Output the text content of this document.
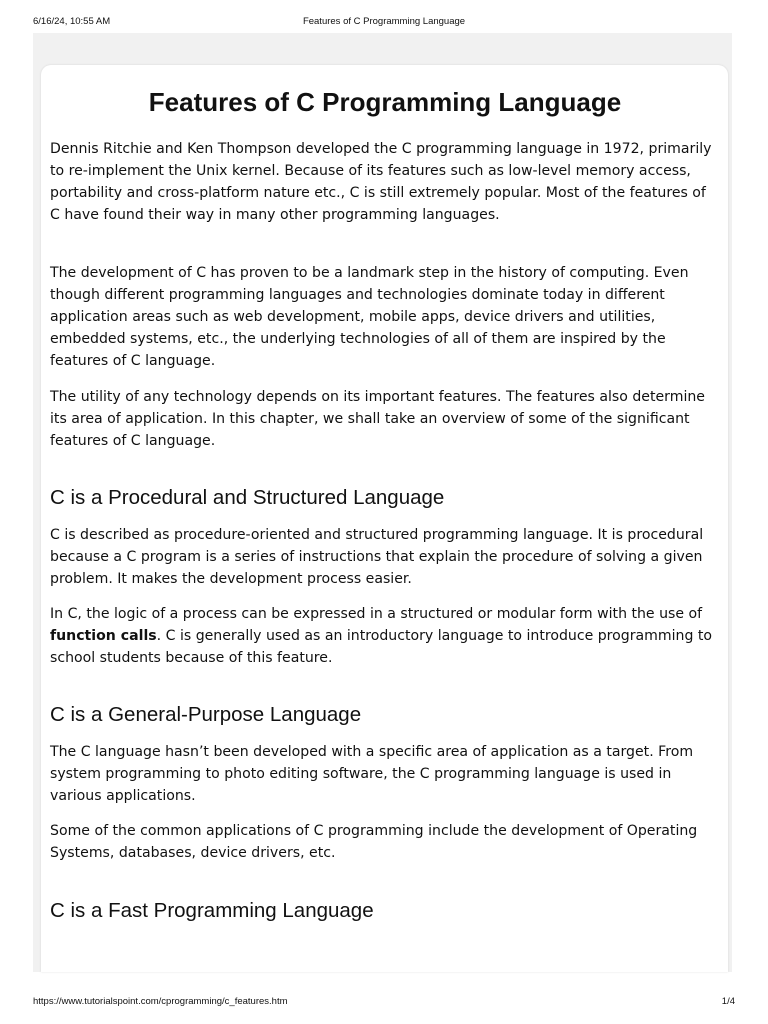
6/16/24, 10:55 AM	Features of C Programming Language
Features of C Programming Language

Dennis Ritchie and Ken Thompson developed the C programming language in 1972, primarily to re-implement the Unix kernel. Because of its features such as low-level memory access, portability and cross-platform nature etc., C is still extremely popular. Most of the features of C have found their way in many other programming languages.

The development of C has proven to be a landmark step in the history of computing. Even though different programming languages and technologies dominate today in different application areas such as web development, mobile apps, device drivers and utilities, embedded systems, etc., the underlying technologies of all of them are inspired by the features of C language.

The utility of any technology depends on its important features. The features also determine its area of application. In this chapter, we shall take an overview of some of the significant features of C language.

C is a Procedural and Structured Language

C is described as procedure-oriented and structured programming language. It is procedural because a C program is a series of instructions that explain the procedure of solving a given problem. It makes the development process easier.

In C, the logic of a process can be expressed in a structured or modular form with the use of function calls. C is generally used as an introductory language to introduce programming to school students because of this feature.

C is a General-Purpose Language

The C language hasn’t been developed with a specific area of application as a target. From system programming to photo editing software, the C programming language is used in various applications.

Some of the common applications of C programming include the development of Operating Systems, databases, device drivers, etc.

C is a Fast Programming Language
https://www.tutorialspoint.com/cprogramming/c_features.htm	1/4
